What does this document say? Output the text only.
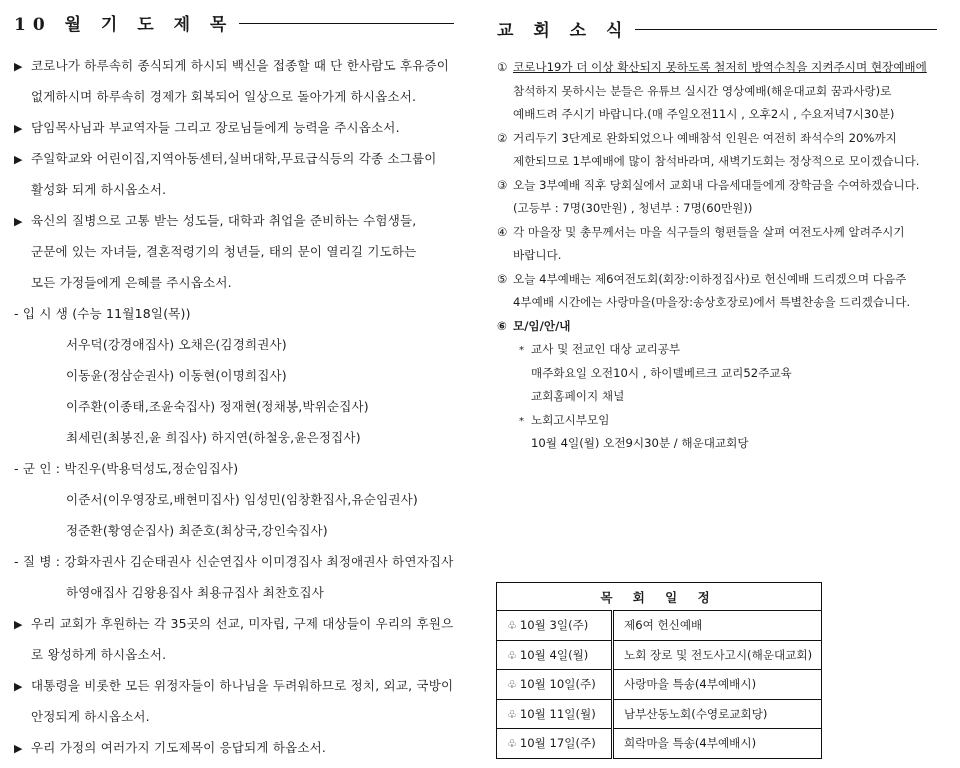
10 월 기 도 제 목
▶ 코로나가 하루속히 종식되게 하시되 백신을 접종할 때 단 한사람도 후유증이
없게하시며 하루속히 경제가 회복되어 일상으로 돌아가게 하시옵소서.
▶ 담임목사님과 부교역자들 그리고 장로님들에게 능력을 주시옵소서.
▶ 주일학교와 어린이집,지역아동센터,실버대학,무료급식등의 각종 소그룹이
활성화 되게 하시옵소서.
▶ 육신의 질병으로 고통 받는 성도들, 대학과 취업을 준비하는 수험생들,
군문에 있는 자녀들, 결혼적령기의 청년들, 태의 문이 열리길 기도하는
모든 가정들에게 은혜를 주시옵소서.
- 입 시 생 (수능 11월18일(목))
서우덕(강경애집사) 오채은(김경희권사)
이동윤(정삼순권사) 이동현(이명희집사)
이주환(이종태,조윤숙집사) 정재현(정채봉,박위순집사)
최세린(최봉진,윤 희집사) 하지연(하철웅,윤은정집사)
- 군 인 : 박진우(박용덕성도,정순임집사)
이준서(이우영장로,배현미집사) 임성민(임창환집사,유순임권사)
정준환(황영순집사) 최준호(최상국,강인숙집사)
- 질 병 : 강화자권사 김순태권사 신순연집사 이미경집사 최정애권사 하연자집사
하영애집사 김왕용집사 최용규집사 최찬호집사
▶ 우리 교회가 후원하는 각 35곳의 선교, 미자립, 구제 대상들이 우리의 후원으
로 왕성하게 하시옵소서.
▶ 대통령을 비롯한 모든 위정자들이 하나님을 두려워하므로 정치, 외교, 국방이
안정되게 하시옵소서.
▶ 우리 가정의 여러가지 기도제목이 응답되게 하옵소서.
교 회 소 식
① 코로나19가 더 이상 확산되지 못하도록 철저히 방역수칙을 지켜주시며 현장예배에
참석하지 못하시는 분들은 유튜브 실시간 영상예배(해운대교회 꿈과사랑)로
예배드려 주시기 바랍니다.(매 주일오전11시 , 오후2시 , 수요저녁7시30분)
② 거리두기 3단계로 완화되었으나 예배참석 인원은 여전히 좌석수의 20%까지
제한되므로 1부예배에 많이 참석바라며, 새벽기도회는 정상적으로 모이겠습니다.
③ 오늘 3부예배 직후 당회실에서 교회내 다음세대들에게 장학금을 수여하겠습니다.
(고등부 : 7명(30만원) , 청년부 : 7명(60만원))
④ 각 마을장 및 총무께서는 마을 식구들의 형편들을 살펴 여전도사께 알려주시기
바랍니다.
⑤ 오늘 4부예배는 제6여전도회(회장:이하정집사)로 헌신예배 드리겠으며 다음주
4부예배 시간에는 사랑마을(마을장:송상호장로)에서 특별찬송을 드리겠습니다.
⑥ 모/임/안/내
* 교사 및 전교인 대상 교리공부
매주화요일 오전10시 , 하이델베르크 교리52주교육
교회홈페이지 채널
* 노회고시부모임
10월 4일(월) 오전9시30분 / 해운대교회당
목 회 일 정	
♧ 10월 3일(주)	제6여 헌신예배
♧ 10월 4일(월)	노회 장로 및 전도사고시(해운대교회)
♧ 10월 10일(주)	사랑마을 특송(4부예배시)
♧ 10월 11일(월)	남부산동노회(수영로교회당)
♧ 10월 17일(주)	희락마을 특송(4부예배시)
